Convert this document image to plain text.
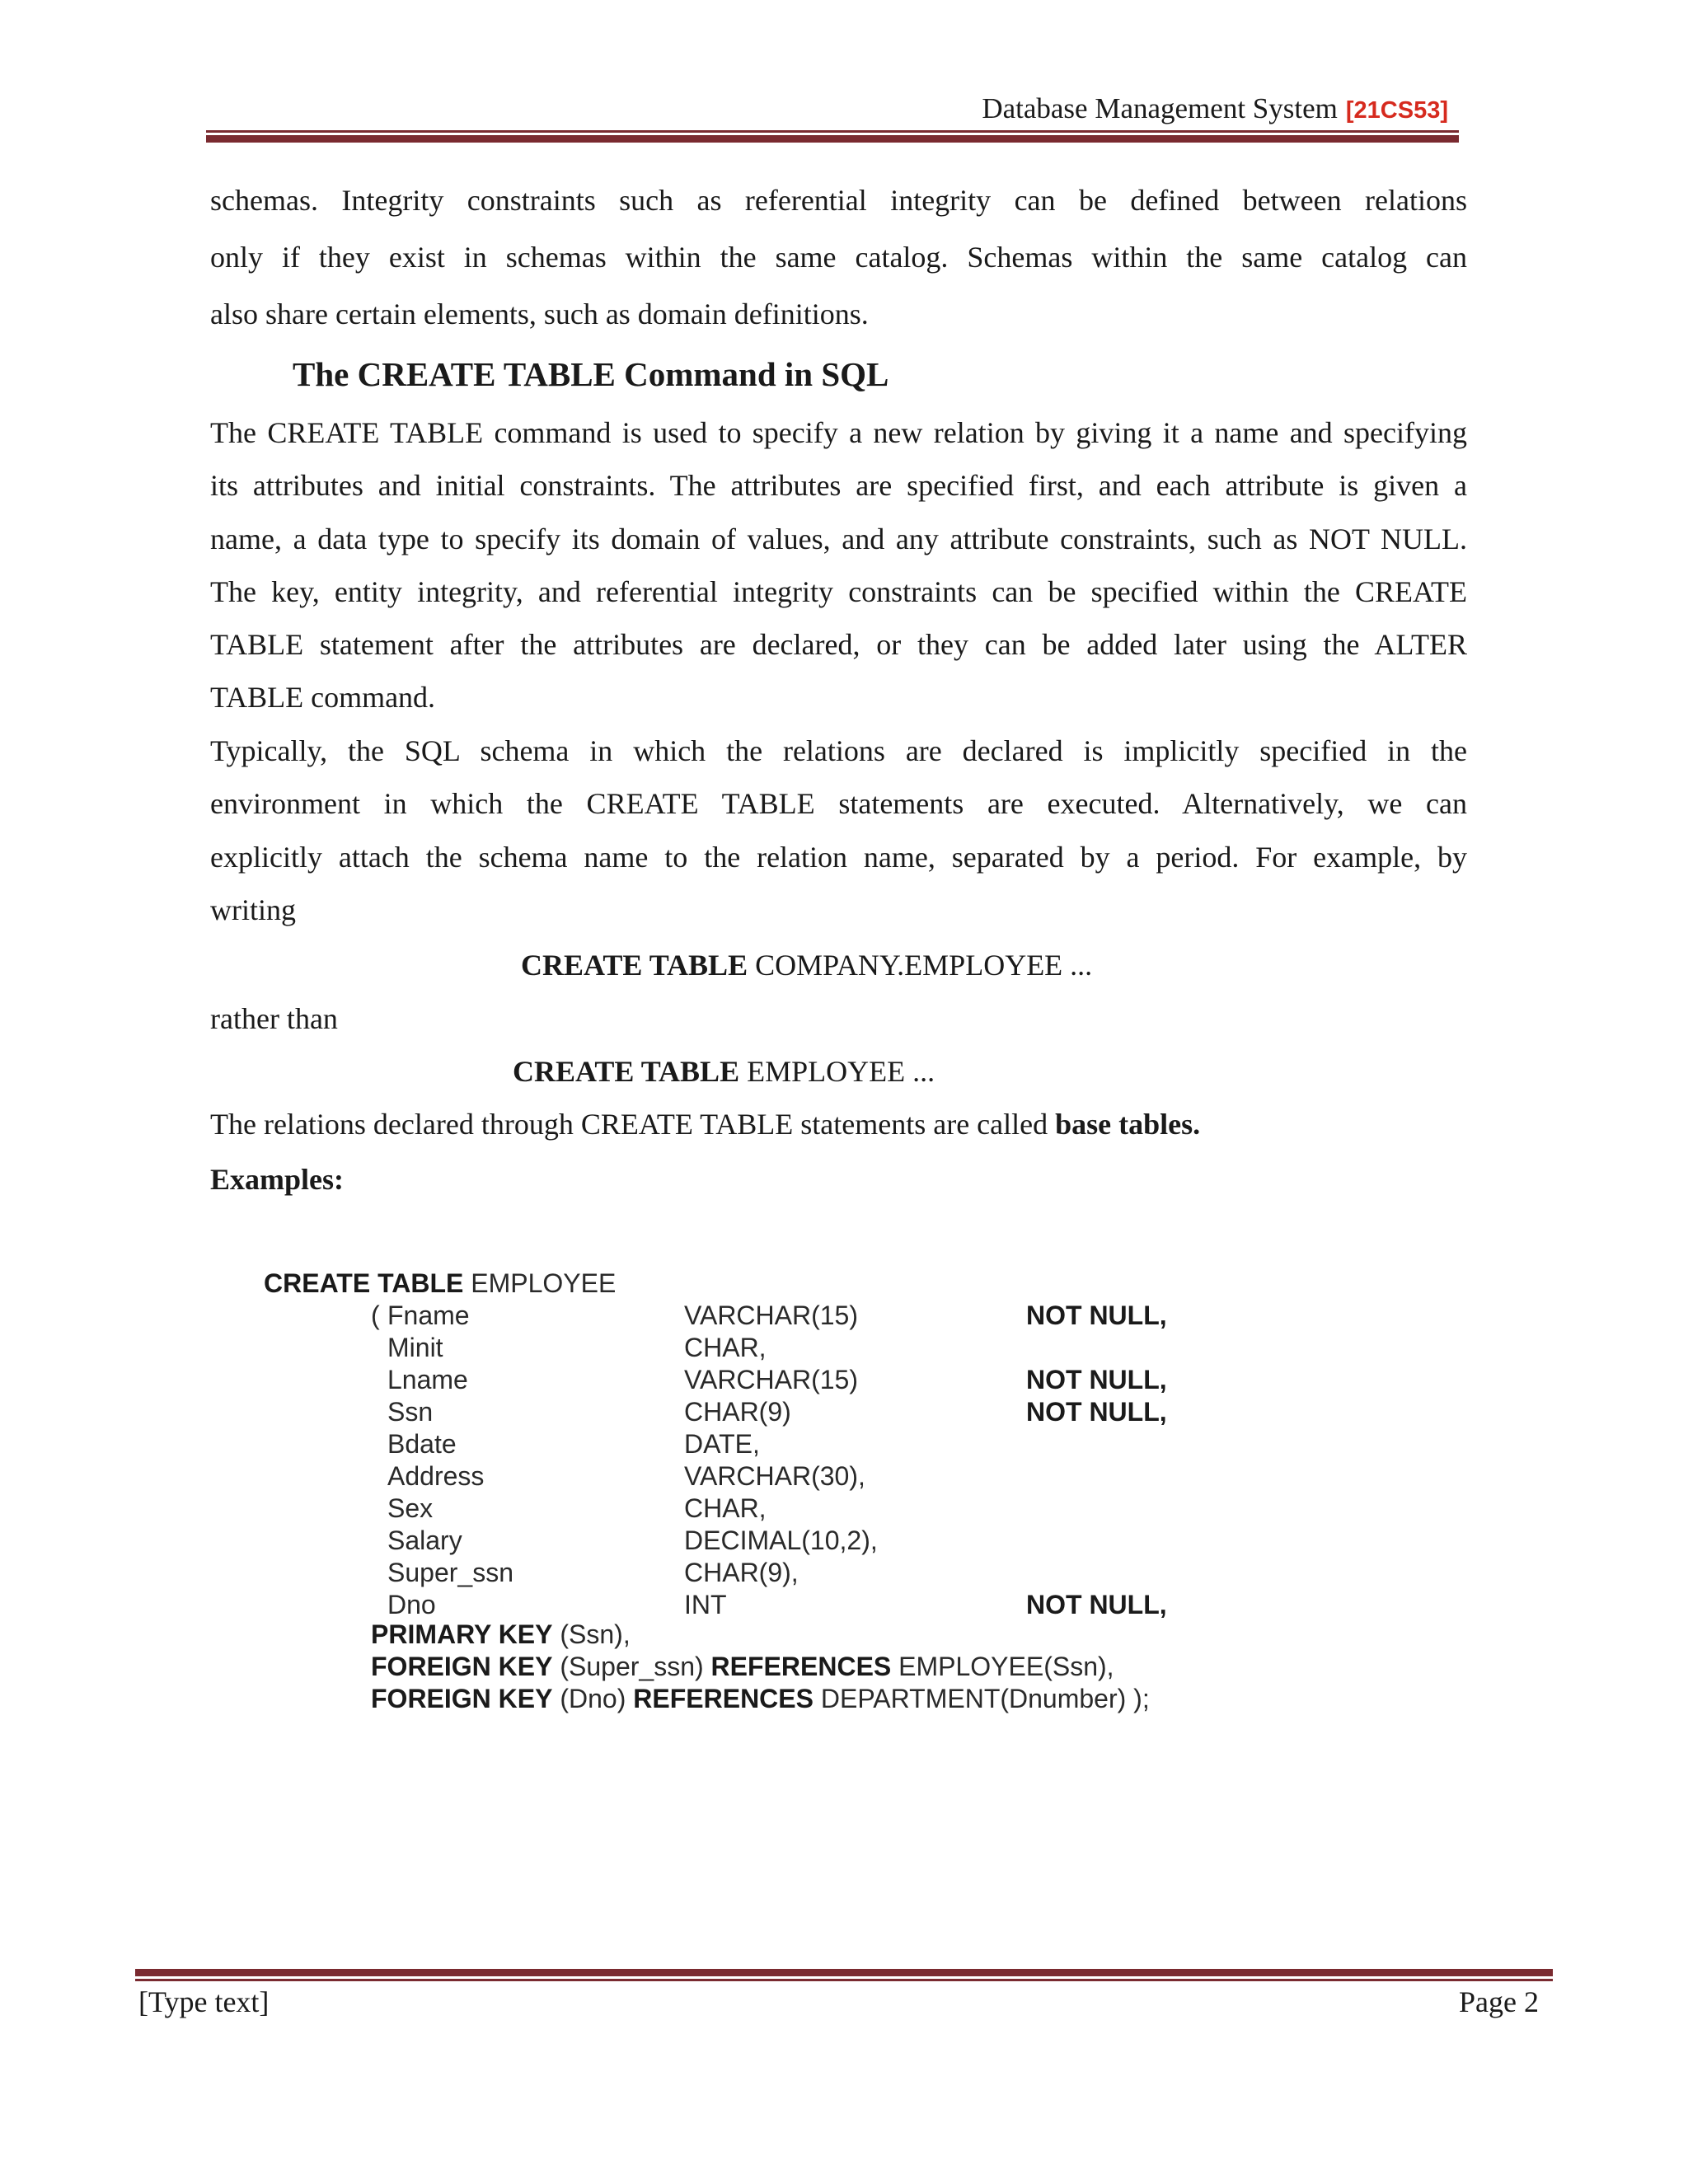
Database Management System [21CS53]
schemas. Integrity constraints such as referential integrity can be defined between relations
only if they exist in schemas within the same catalog. Schemas within the same catalog can
also share certain elements, such as domain definitions.
The CREATE TABLE Command in SQL
The CREATE TABLE command is used to specify a new relation by giving it a name and specifying
its attributes and initial constraints. The attributes are specified first, and each attribute is given a
name, a data type to specify its domain of values, and any attribute constraints, such as NOT NULL.
The key, entity integrity, and referential integrity constraints can be specified within the CREATE
TABLE statement after the attributes are declared, or they can be added later using the ALTER
TABLE command.
Typically, the SQL schema in which the relations are declared is implicitly specified in the
environment in which the CREATE TABLE statements are executed. Alternatively, we can
explicitly attach the schema name to the relation name, separated by a period. For example, by
writing
CREATE TABLE COMPANY.EMPLOYEE ...
rather than
CREATE TABLE EMPLOYEE ...
The relations declared through CREATE TABLE statements are called base tables.
Examples:
CREATE TABLE EMPLOYEE
( Fname	VARCHAR(15)	NOT NULL,
Minit	CHAR,
Lname	VARCHAR(15)	NOT NULL,
Ssn	CHAR(9)	NOT NULL,
Bdate	DATE,
Address	VARCHAR(30),
Sex	CHAR,
Salary	DECIMAL(10,2),
Super_ssn	CHAR(9),
Dno	INT	NOT NULL,
PRIMARY KEY (Ssn),
FOREIGN KEY (Super_ssn) REFERENCES EMPLOYEE(Ssn),
FOREIGN KEY (Dno) REFERENCES DEPARTMENT(Dnumber) );
[Type text]	Page 2
